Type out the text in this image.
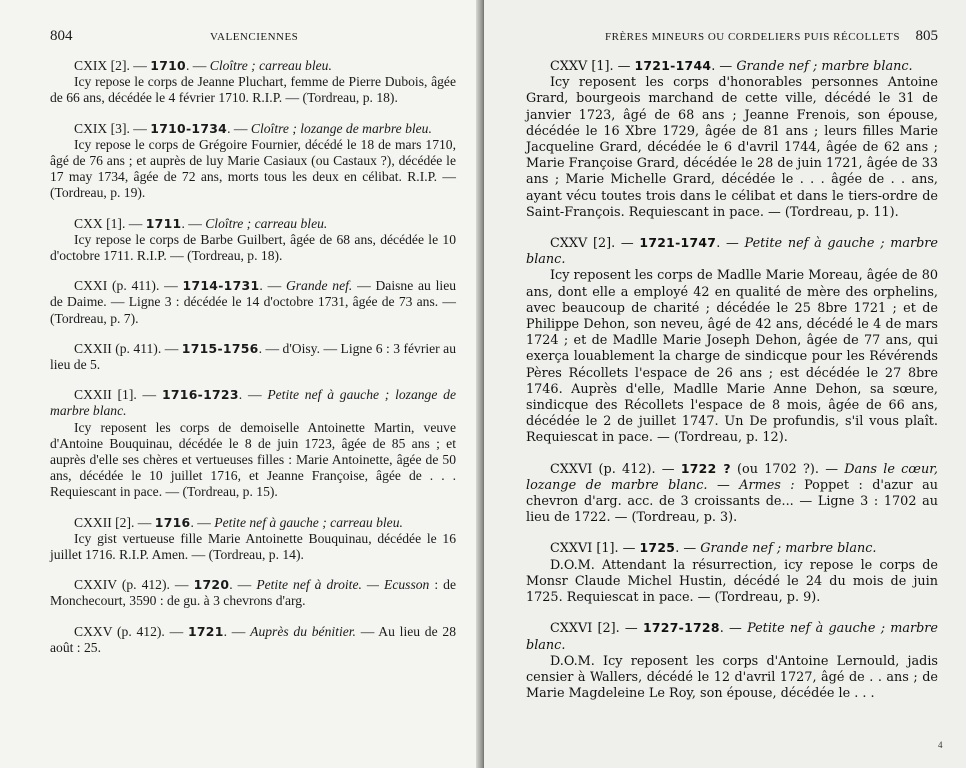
804	VALENCIENNES
CXIX [2]. — 1710. — Cloître ; carreau bleu.
Icy repose le corps de Jeanne Pluchart, femme de Pierre Dubois, âgée de 66 ans, décédée le 4 février 1710. R.I.P. — (Tordreau, p. 18).
CXIX [3]. — 1710-1734. — Cloître ; lozange de marbre bleu.
Icy repose le corps de Grégoire Fournier, décédé le 18 de mars 1710, âgé de 76 ans ; et auprès de luy Marie Casiaux (ou Castaux ?), décédée le 17 may 1734, âgée de 72 ans, morts tous les deux en célibat. R.I.P. — (Tordreau, p. 19).
CXX [1]. — 1711. — Cloître ; carreau bleu.
Icy repose le corps de Barbe Guilbert, âgée de 68 ans, décédée le 10 d'octobre 1711. R.I.P. — (Tordreau, p. 18).
CXXI (p. 411). — 1714-1731. — Grande nef. — Daisne au lieu de Daime. — Ligne 3 : décédée le 14 d'octobre 1731, âgée de 73 ans. — (Tordreau, p. 7).
CXXII (p. 411). — 1715-1756. — d'Oisy. — Ligne 6 : 3 février au lieu de 5.
CXXII [1]. — 1716-1723. — Petite nef à gauche ; lozange de marbre blanc.
Icy reposent les corps de demoiselle Antoinette Martin, veuve d'Antoine Bouquinau, décédée le 8 de juin 1723, âgée de 85 ans ; et auprès d'elle ses chères et vertueuses filles : Marie Antoinette, âgée de 50 ans, décédée le 10 juillet 1716, et Jeanne Françoise, âgée de . . . Requiescant in pace. — (Tordreau, p. 15).
CXXII [2]. — 1716. — Petite nef à gauche ; carreau bleu.
Icy gist vertueuse fille Marie Antoinette Bouquinau, décédée le 16 juillet 1716. R.I.P. Amen. — (Tordreau, p. 14).
CXXIV (p. 412). — 1720. — Petite nef à droite. — Ecusson : de Monchecourt, 3590 : de gu. à 3 chevrons d'arg.
CXXV (p. 412). — 1721. — Auprès du bénitier. — Au lieu de 28 août : 25.
FRÈRES MINEURS OU CORDELIERS PUIS RÉCOLLETS 805
CXXV [1]. — 1721-1744. — Grande nef ; marbre blanc.
Icy reposent les corps d'honorables personnes Antoine Grard, bourgeois marchand de cette ville, décédé le 31 de janvier 1723, âgé de 68 ans ; Jeanne Frenois, son épouse, décédée le 16 Xbre 1729, âgée de 81 ans ; leurs filles Marie Jacqueline Grard, décédée le 6 d'avril 1744, âgée de 62 ans ; Marie Françoise Grard, décédée le 28 de juin 1721, âgée de 33 ans ; Marie Michelle Grard, décédée le . . . âgée de . . ans, ayant vécu toutes trois dans le célibat et dans le tiers-ordre de Saint-François. Requiescant in pace. — (Tordreau, p. 11).
CXXV [2]. — 1721-1747. — Petite nef à gauche ; marbre blanc.
Icy reposent les corps de Madlle Marie Moreau, âgée de 80 ans, dont elle a employé 42 en qualité de mère des orphelins, avec beaucoup de charité ; décédée le 25 8bre 1721 ; et de Philippe Dehon, son neveu, âgé de 42 ans, décédé le 4 de mars 1724 ; et de Madlle Marie Joseph Dehon, âgée de 77 ans, qui exerça louablement la charge de sindicque pour les Révérends Pères Récollets l'espace de 26 ans ; est décédée le 27 8bre 1746. Auprès d'elle, Madlle Marie Anne Dehon, sa sœure, sindicque des Récollets l'espace de 8 mois, âgée de 66 ans, décédée le 2 de juillet 1747. Un De profundis, s'il vous plaît. Requiescat in pace. — (Tordreau, p. 12).
CXXVI (p. 412). — 1722 ? (ou 1702 ?). — Dans le cœur, lozange de marbre blanc. — Armes : Poppet : d'azur au chevron d'arg. acc. de 3 croissants de... — Ligne 3 : 1702 au lieu de 1722. — (Tordreau, p. 3).
CXXVI [1]. — 1725. — Grande nef ; marbre blanc.
D.O.M. Attendant la résurrection, icy repose le corps de Monsr Claude Michel Hustin, décédé le 24 du mois de juin 1725. Requiescat in pace. — (Tordreau, p. 9).
CXXVI [2]. — 1727-1728. — Petite nef à gauche ; marbre blanc.
D.O.M. Icy reposent les corps d'Antoine Lernould, jadis censier à Wallers, décédé le 12 d'avril 1727, âgé de . . ans ; de Marie Magdeleine Le Roy, son épouse, décédée le . . .
4
